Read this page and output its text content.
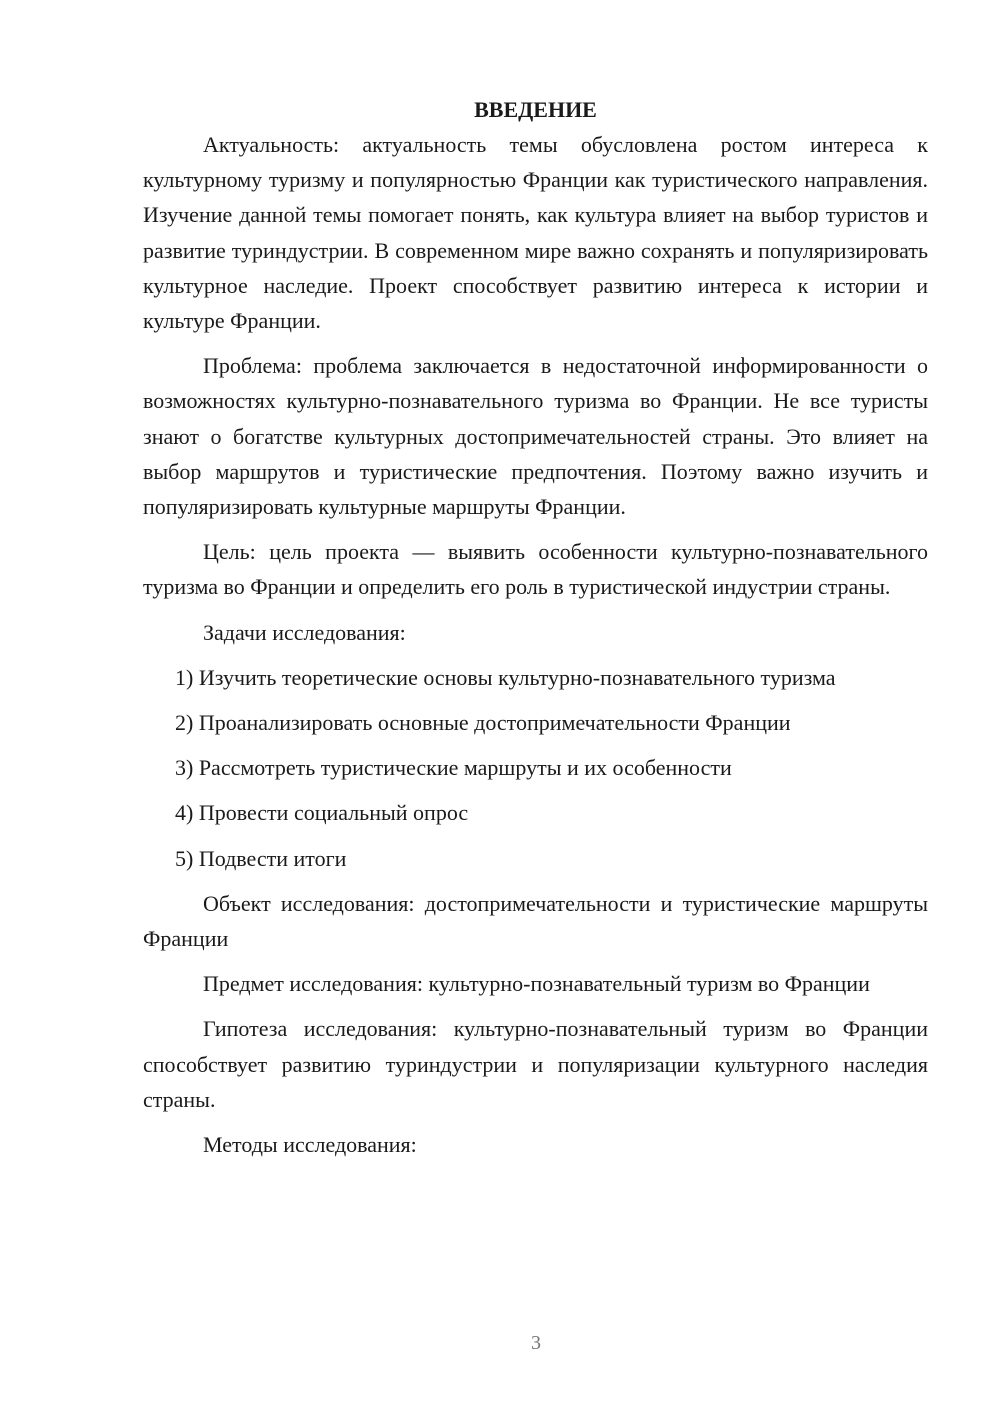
ВВЕДЕНИЕ

Актуальность: актуальность темы обусловлена ростом интереса к культурному туризму и популярностью Франции как туристического направления. Изучение данной темы помогает понять, как культура влияет на выбор туристов и развитие туриндустрии. В современном мире важно сохранять и популяризировать культурное наследие. Проект способствует развитию интереса к истории и культуре Франции.

Проблема: проблема заключается в недостаточной информированности о возможностях культурно-познавательного туризма во Франции. Не все туристы знают о богатстве культурных достопримечательностей страны. Это влияет на выбор маршрутов и туристические предпочтения. Поэтому важно изучить и популяризировать культурные маршруты Франции.

Цель: цель проекта — выявить особенности культурно-познавательного туризма во Франции и определить его роль в туристической индустрии страны.

Задачи исследования:

1) Изучить теоретические основы культурно-познавательного туризма
2) Проанализировать основные достопримечательности Франции
3) Рассмотреть туристические маршруты и их особенности
4) Провести социальный опрос
5) Подвести итоги

Объект исследования: достопримечательности и туристические маршруты Франции

Предмет исследования: культурно-познавательный туризм во Франции

Гипотеза исследования: культурно-познавательный туризм во Франции способствует развитию туриндустрии и популяризации культурного наследия страны.

Методы исследования:

3
